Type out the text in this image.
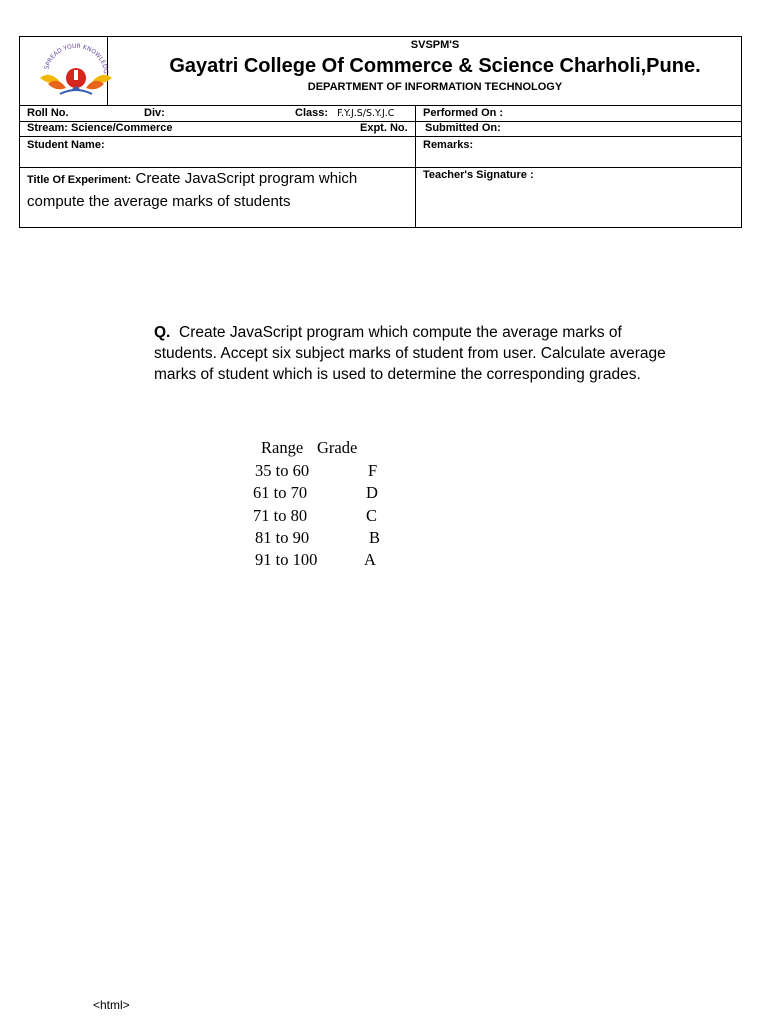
SPREAD YOUR KNOWLEDG
SVSPM'S
Gayatri College Of Commerce & Science Charholi,Pune.
DEPARTMENT OF INFORMATION TECHNOLOGY
Roll No.	Div:	Class: F.Y.J.S/S.Y.J.C	Performed On :
Stream: Science/Commerce	Expt. No. Submitted On:
Student Name:	Remarks:
Title Of Experiment: Create JavaScript program which compute the average marks of students
Teacher's Signature :
Q. Create JavaScript program which compute the average marks of students. Accept six subject marks of student from user. Calculate average marks of student which is used to determine the corresponding grades.
Range Grade
35 to 60	F
61 to 70	D
71 to 80	C
81 to 90	B
91 to 100	A
<html>
